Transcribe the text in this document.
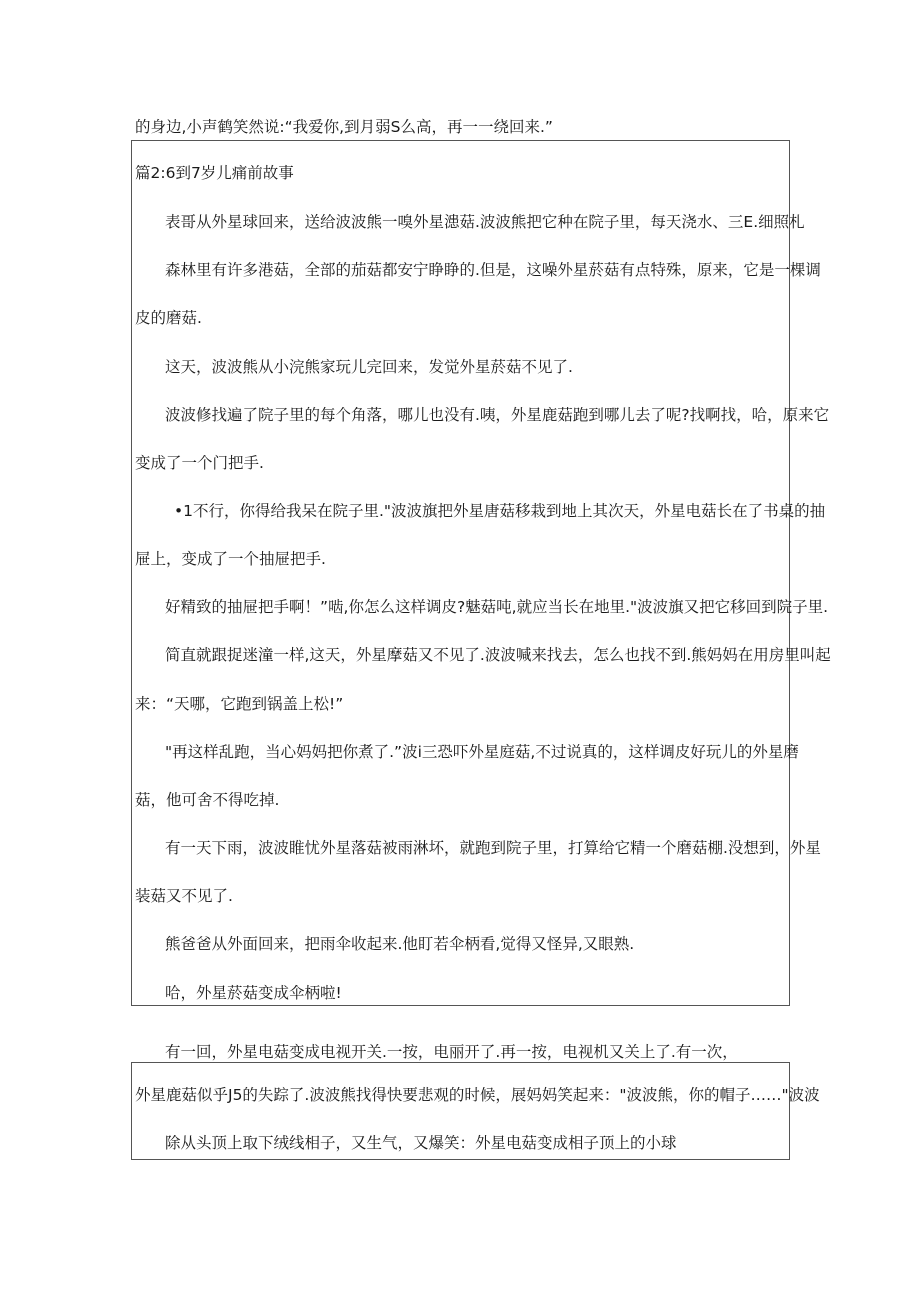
的身边,小声鹤笑然说:“我爱你,到月弱S么高，再一一绕回来.”
篇2:6到7岁儿痛前故事
表哥从外星球回来，送给波波熊一嗅外星漶菇.波波熊把它种在院子里，每天浇水、三E.细照札
森林里有许多港菇，全部的茄菇都安宁睁睁的.但是，这噪外星菸菇有点特殊，原来，它是一棵调
皮的磨菇.
这天，波波熊从小浣熊家玩儿完回来，发觉外星菸菇不见了.
波波修找遍了院子里的每个角落，哪儿也没有.咦，外星鹿菇跑到哪儿去了呢?找啊找，哈，原来它
变成了一个门把手.
•1不行，你得给我呆在院子里."波波旗把外星唐菇移栽到地上其次天，外星电菇长在了书桌的抽
屉上，变成了一个抽屉把手.
好精致的抽屉把手啊！”啮,你怎么这样调皮?魅菇吨,就应当长在地里."波波旗又把它移回到院子里.
简直就跟捉迷潼一样,这天，外星摩菇又不见了.波波喊来找去，怎么也找不到.熊妈妈在用房里叫起
来：“天哪，它跑到锅盖上松!”
"再这样乱跑，当心妈妈把你煮了.”波i三恐吓外星庭菇,不过说真的，这样调皮好玩儿的外星磨
菇，他可舍不得吃掉.
有一天下雨，波波睢忧外星落菇被雨淋坏，就跑到院子里，打算给它精一个磨菇棚.没想到，外星
装菇又不见了.
熊爸爸从外面回来，把雨伞收起来.他盯若伞柄看,觉得又怪异,又眼熟.
哈，外星菸菇变成伞柄啦!
有一回，外星电菇变成电视开关.一按，电丽开了.再一按，电视机又关上了.有一次，
外星鹿菇似乎J5的失踪了.波波熊找得快要悲观的时候，展妈妈笑起来："波波熊，你的帽子……"波波
除从头顶上取下绒线相子，又生气，又爆笑：外星电菇变成相子顶上的小球
